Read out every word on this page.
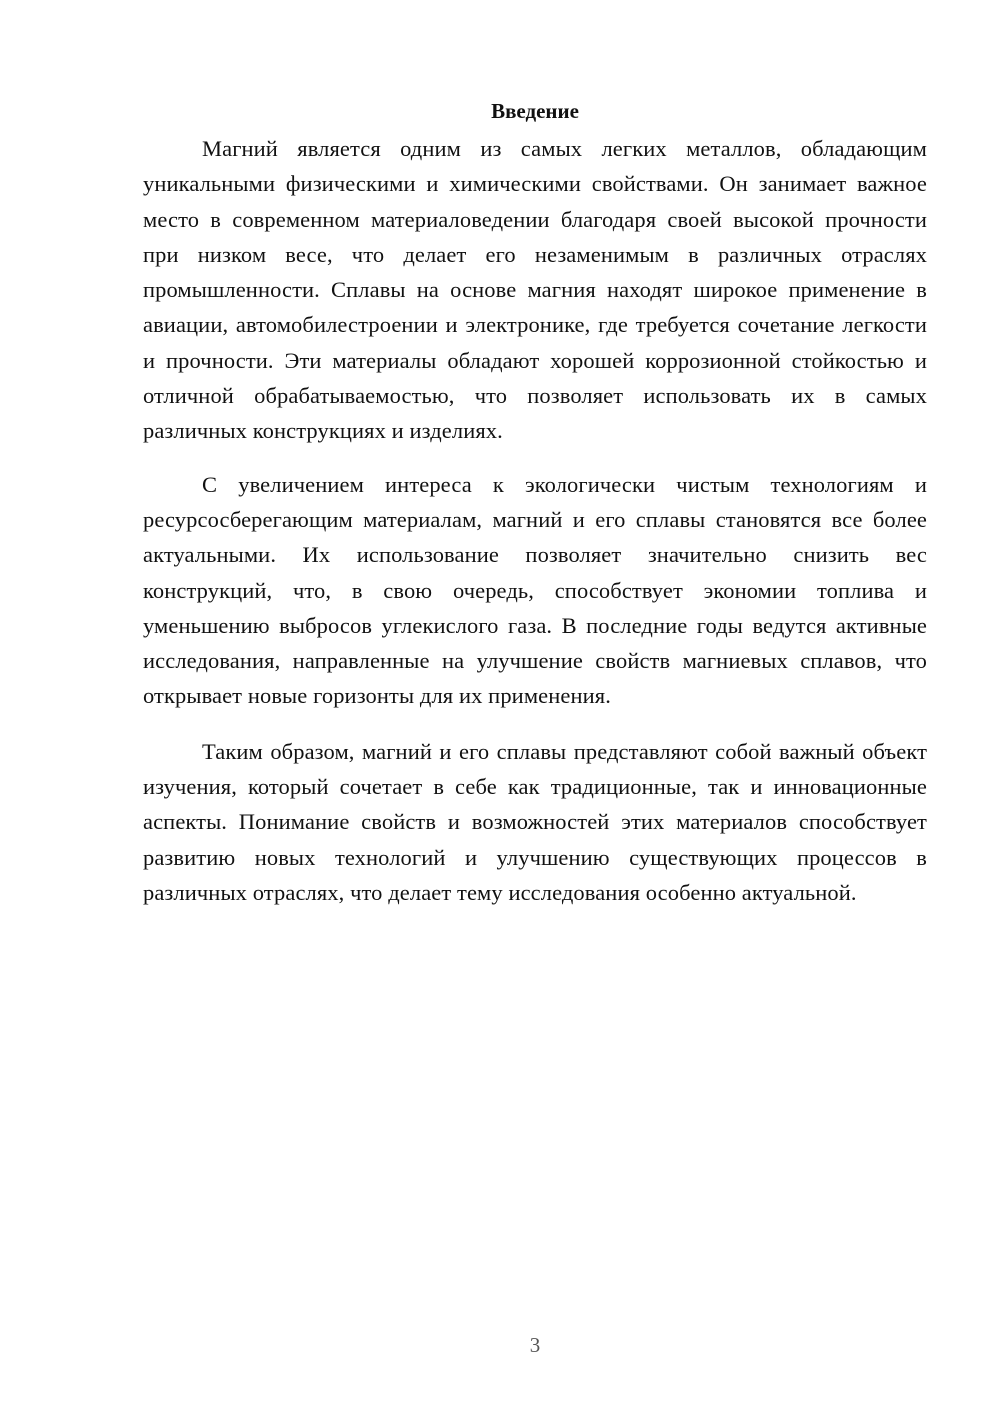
Введение

Магний является одним из самых легких металлов, обладающим уникальными физическими и химическими свойствами. Он занимает важное место в современном материаловедении благодаря своей высокой прочности при низком весе, что делает его незаменимым в различных отраслях промышленности. Сплавы на основе магния находят широкое применение в авиации, автомобилестроении и электронике, где требуется сочетание легкости и прочности. Эти материалы обладают хорошей коррозионной стойкостью и отличной обрабатываемостью, что позволяет использовать их в самых различных конструкциях и изделиях.

С увеличением интереса к экологически чистым технологиям и ресурсосберегающим материалам, магний и его сплавы становятся все более актуальными. Их использование позволяет значительно снизить вес конструкций, что, в свою очередь, способствует экономии топлива и уменьшению выбросов углекислого газа. В последние годы ведутся активные исследования, направленные на улучшение свойств магниевых сплавов, что открывает новые горизонты для их применения.

Таким образом, магний и его сплавы представляют собой важный объект изучения, который сочетает в себе как традиционные, так и инновационные аспекты. Понимание свойств и возможностей этих материалов способствует развитию новых технологий и улучшению существующих процессов в различных отраслях, что делает тему исследования особенно актуальной.

3
